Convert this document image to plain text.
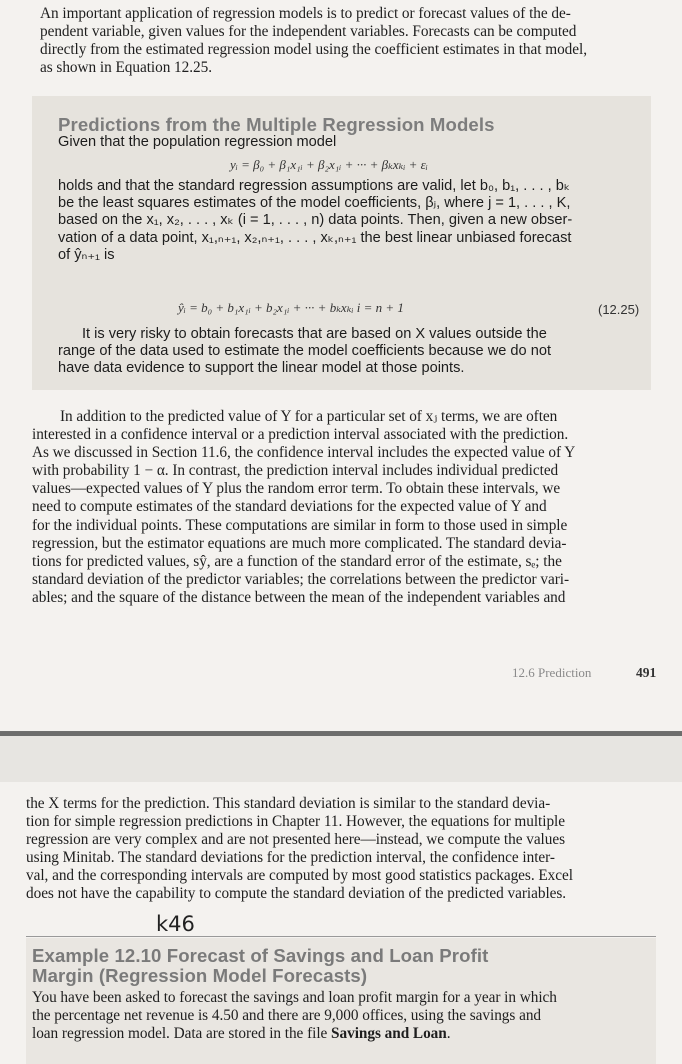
An important application of regression models is to predict or forecast values of the de-
pendent variable, given values for the independent variables. Forecasts can be computed
directly from the estimated regression model using the coefficient estimates in that model,
as shown in Equation 12.25.
Predictions from the Multiple Regression Models
Given that the population regression model
yᵢ = β₀ + β₁x₁ᵢ + β₂x₁ᵢ + ··· + βₖxₖᵢ + εᵢ
holds and that the standard regression assumptions are valid, let b₀, b₁, . . . , bₖ
be the least squares estimates of the model coefficients, βⱼ, where j = 1, . . . , K,
based on the x₁, x₂, . . . , xₖ (i = 1, . . . , n) data points. Then, given a new obser-
vation of a data point, x₁,ₙ₊₁, x₂,ₙ₊₁, . . . , xₖ,ₙ₊₁ the best linear unbiased forecast
of ŷₙ₊₁ is
ŷᵢ = b₀ + b₁x₁ᵢ + b₂x₁ᵢ + ··· + bₖxₖᵢ i = n + 1	(12.25)
It is very risky to obtain forecasts that are based on X values outside the
range of the data used to estimate the model coefficients because we do not
have data evidence to support the linear model at those points.
In addition to the predicted value of Y for a particular set of xⱼ terms, we are often
interested in a confidence interval or a prediction interval associated with the prediction.
As we discussed in Section 11.6, the confidence interval includes the expected value of Y
with probability 1 − α. In contrast, the prediction interval includes individual predicted
values—expected values of Y plus the random error term. To obtain these intervals, we
need to compute estimates of the standard deviations for the expected value of Y and
for the individual points. These computations are similar in form to those used in simple
regression, but the estimator equations are much more complicated. The standard devia-
tions for predicted values, sŷ, are a function of the standard error of the estimate, sₑ; the
standard deviation of the predictor variables; the correlations between the predictor vari-
ables; and the square of the distance between the mean of the independent variables and
12.6 Prediction	491
the X terms for the prediction. This standard deviation is similar to the standard devia-
tion for simple regression predictions in Chapter 11. However, the equations for multiple
regression are very complex and are not presented here—instead, we compute the values
using Minitab. The standard deviations for the prediction interval, the confidence inter-
val, and the corresponding intervals are computed by most good statistics packages. Excel
does not have the capability to compute the standard deviation of the predicted variables.
k46
Example 12.10 Forecast of Savings and Loan Profit
Margin (Regression Model Forecasts)
You have been asked to forecast the savings and loan profit margin for a year in which
the percentage net revenue is 4.50 and there are 9,000 offices, using the savings and
loan regression model. Data are stored in the file Savings and Loan.
